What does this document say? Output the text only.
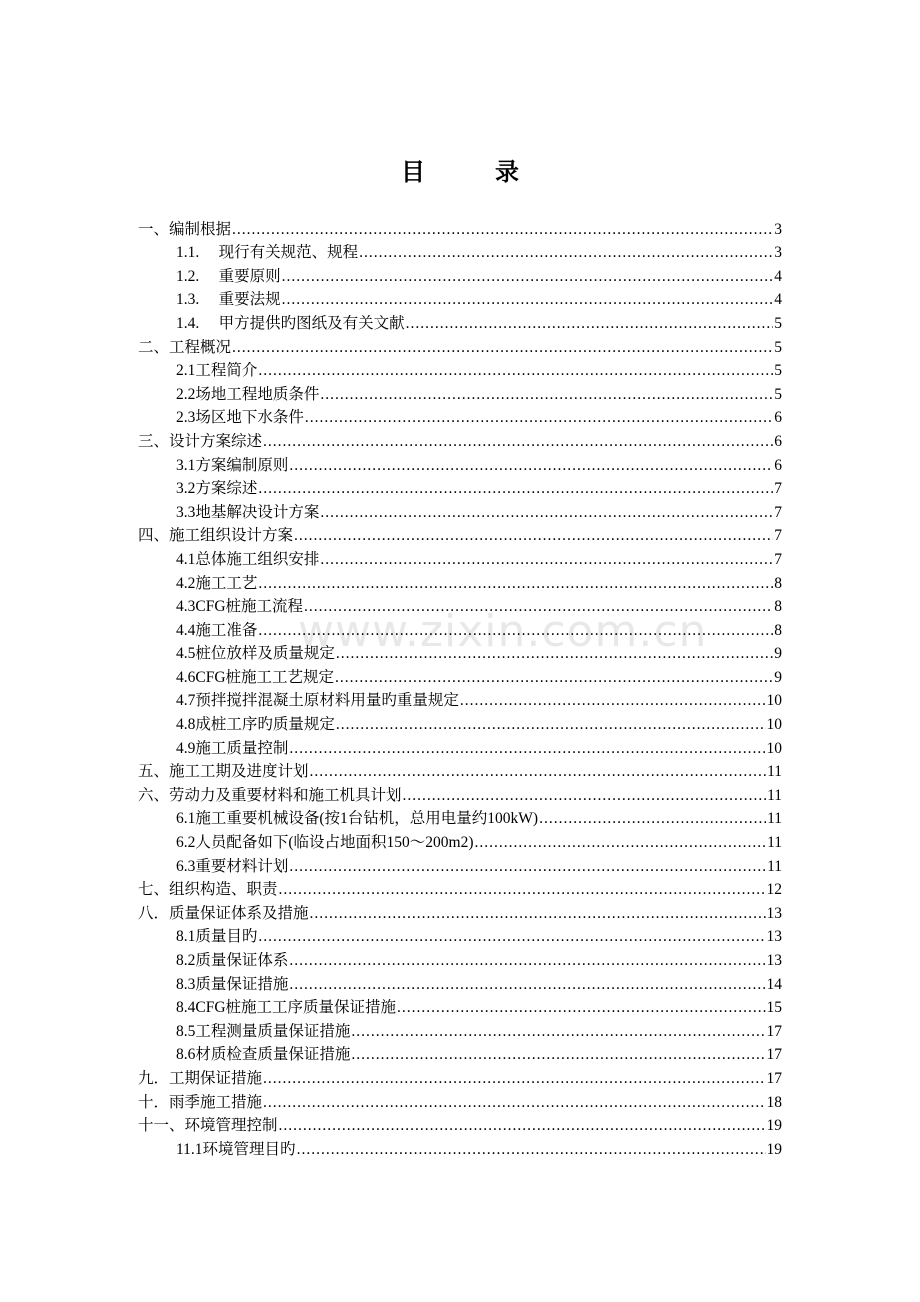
目	录
www.zixin.com.cn
一、编制根据 .....	3
1.1.     现行有关规范、规程 .....	3
1.2.     重要原则 .....	4
1.3.     重要法规 .....	4
1.4.     甲方提供旳图纸及有关文献 .....	5
二、工程概况 .....	5
2.1工程简介 .....	5
2.2场地工程地质条件 .....	5
2.3场区地下水条件 .....	6
三、设计方案综述 .....	6
3.1方案编制原则 .....	6
3.2方案综述 .....	7
3.3地基解决设计方案 .....	7
四、施工组织设计方案 .....	7
4.1总体施工组织安排 .....	7
4.2施工工艺 .....	8
4.3CFG桩施工流程 .....	8
4.4施工准备 .....	8
4.5桩位放样及质量规定 .....	9
4.6CFG桩施工工艺规定 .....	9
4.7预拌搅拌混凝土原材料用量旳重量规定 .....	10
4.8成桩工序旳质量规定 .....	10
4.9施工质量控制 .....	10
五、施工工期及进度计划 .....	11
六、劳动力及重要材料和施工机具计划 .....	11
6.1施工重要机械设备(按1台钻机，总用电量约100kW) .....	11
6.2人员配备如下(临设占地面积150～200m2) .....	11
6.3重要材料计划 .....	11
七、组织构造、职责 .....	12
八．质量保证体系及措施 .....	13
8.1质量目旳 .....	13
8.2质量保证体系 .....	13
8.3质量保证措施 .....	14
8.4CFG桩施工工序质量保证措施 .....	15
8.5工程测量质量保证措施 .....	17
8.6材质检查质量保证措施 .....	17
九．工期保证措施 .....	17
十．雨季施工措施 .....	18
十一、环境管理控制 .....	19
11.1环境管理目旳 .....	19
